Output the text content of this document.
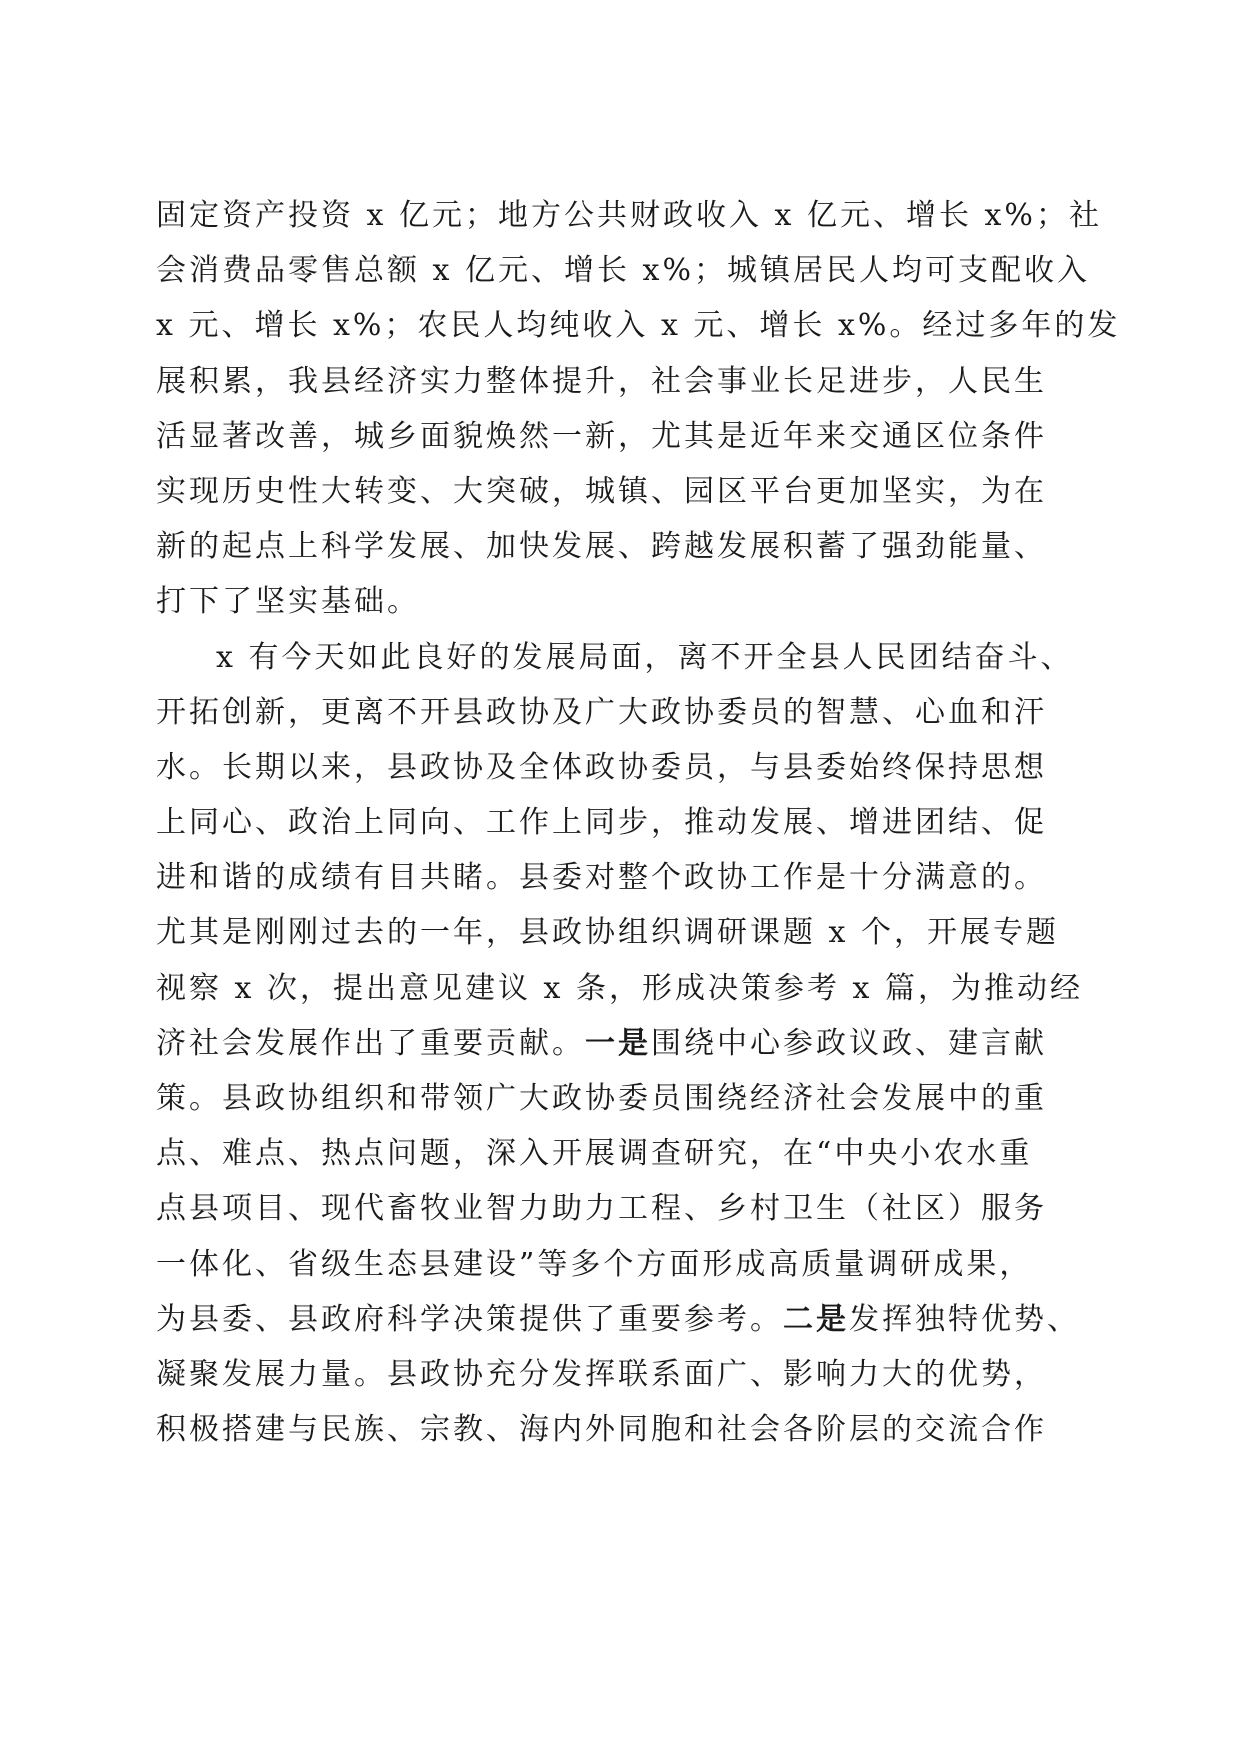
固定资产投资 x 亿元；地方公共财政收入 x 亿元、增长 x%；社
会消费品零售总额 x 亿元、增长 x%；城镇居民人均可支配收入
x 元、增长 x%；农民人均纯收入 x 元、增长 x%。经过多年的发
展积累，我县经济实力整体提升，社会事业长足进步，人民生
活显著改善，城乡面貌焕然一新，尤其是近年来交通区位条件
实现历史性大转变、大突破，城镇、园区平台更加坚实，为在
新的起点上科学发展、加快发展、跨越发展积蓄了强劲能量、
打下了坚实基础。
x 有今天如此良好的发展局面，离不开全县人民团结奋斗、
开拓创新，更离不开县政协及广大政协委员的智慧、心血和汗
水。长期以来，县政协及全体政协委员，与县委始终保持思想
上同心、政治上同向、工作上同步，推动发展、增进团结、促
进和谐的成绩有目共睹。县委对整个政协工作是十分满意的。
尤其是刚刚过去的一年，县政协组织调研课题 x 个，开展专题
视察 x 次，提出意见建议 x 条，形成决策参考 x 篇，为推动经
济社会发展作出了重要贡献。一是围绕中心参政议政、建言献
策。县政协组织和带领广大政协委员围绕经济社会发展中的重
点、难点、热点问题，深入开展调查研究，在“中央小农水重
点县项目、现代畜牧业智力助力工程、乡村卫生（社区）服务
一体化、省级生态县建设”等多个方面形成高质量调研成果，
为县委、县政府科学决策提供了重要参考。二是发挥独特优势、
凝聚发展力量。县政协充分发挥联系面广、影响力大的优势，
积极搭建与民族、宗教、海内外同胞和社会各阶层的交流合作
